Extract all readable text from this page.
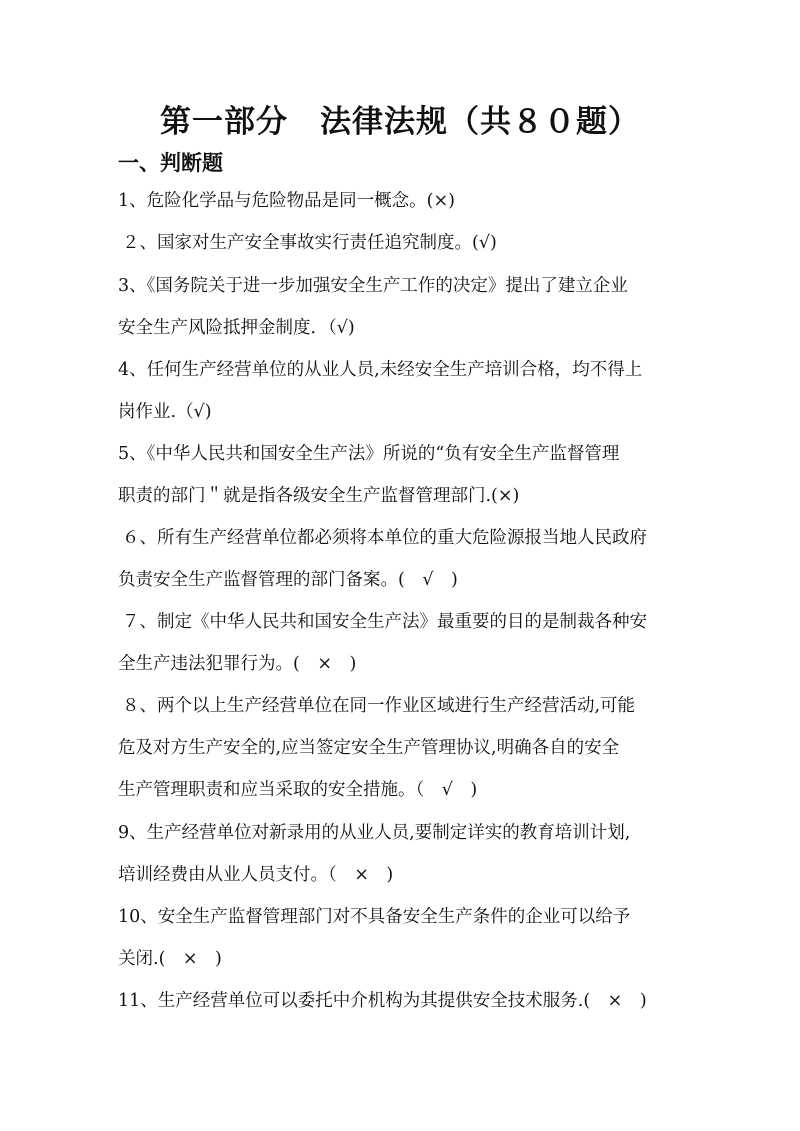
第一部分　法律法规（共８０题）
一、判断题
1、危险化学品与危险物品是同一概念。(×)
２、国家对生产安全事故实行责任追究制度。(√)
3、《国务院关于进一步加强安全生产工作的决定》提出了建立企业
安全生产风险抵押金制度．（√)
4、任何生产经营单位的从业人员,未经安全生产培训合格，均不得上
岗作业.（√)
5、《中华人民共和国安全生产法》所说的“负有安全生产监督管理
职责的部门＂就是指各级安全生产监督管理部门.(×)
６、所有生产经营单位都必须将本单位的重大危险源报当地人民政府
负责安全生产监督管理的部门备案。(　√　)
７、制定《中华人民共和国安全生产法》最重要的目的是制裁各种安
全生产违法犯罪行为。(　×　)
８、两个以上生产经营单位在同一作业区域进行生产经营活动,可能
危及对方生产安全的,应当签定安全生产管理协议,明确各自的安全
生产管理职责和应当采取的安全措施。（　√　)
9、生产经营单位对新录用的从业人员,要制定详实的教育培训计划,
培训经费由从业人员支付。（　×　)
10、安全生产监督管理部门对不具备安全生产条件的企业可以给予
关闭.(　×　)
11、生产经营单位可以委托中介机构为其提供安全技术服务.(　×　)
